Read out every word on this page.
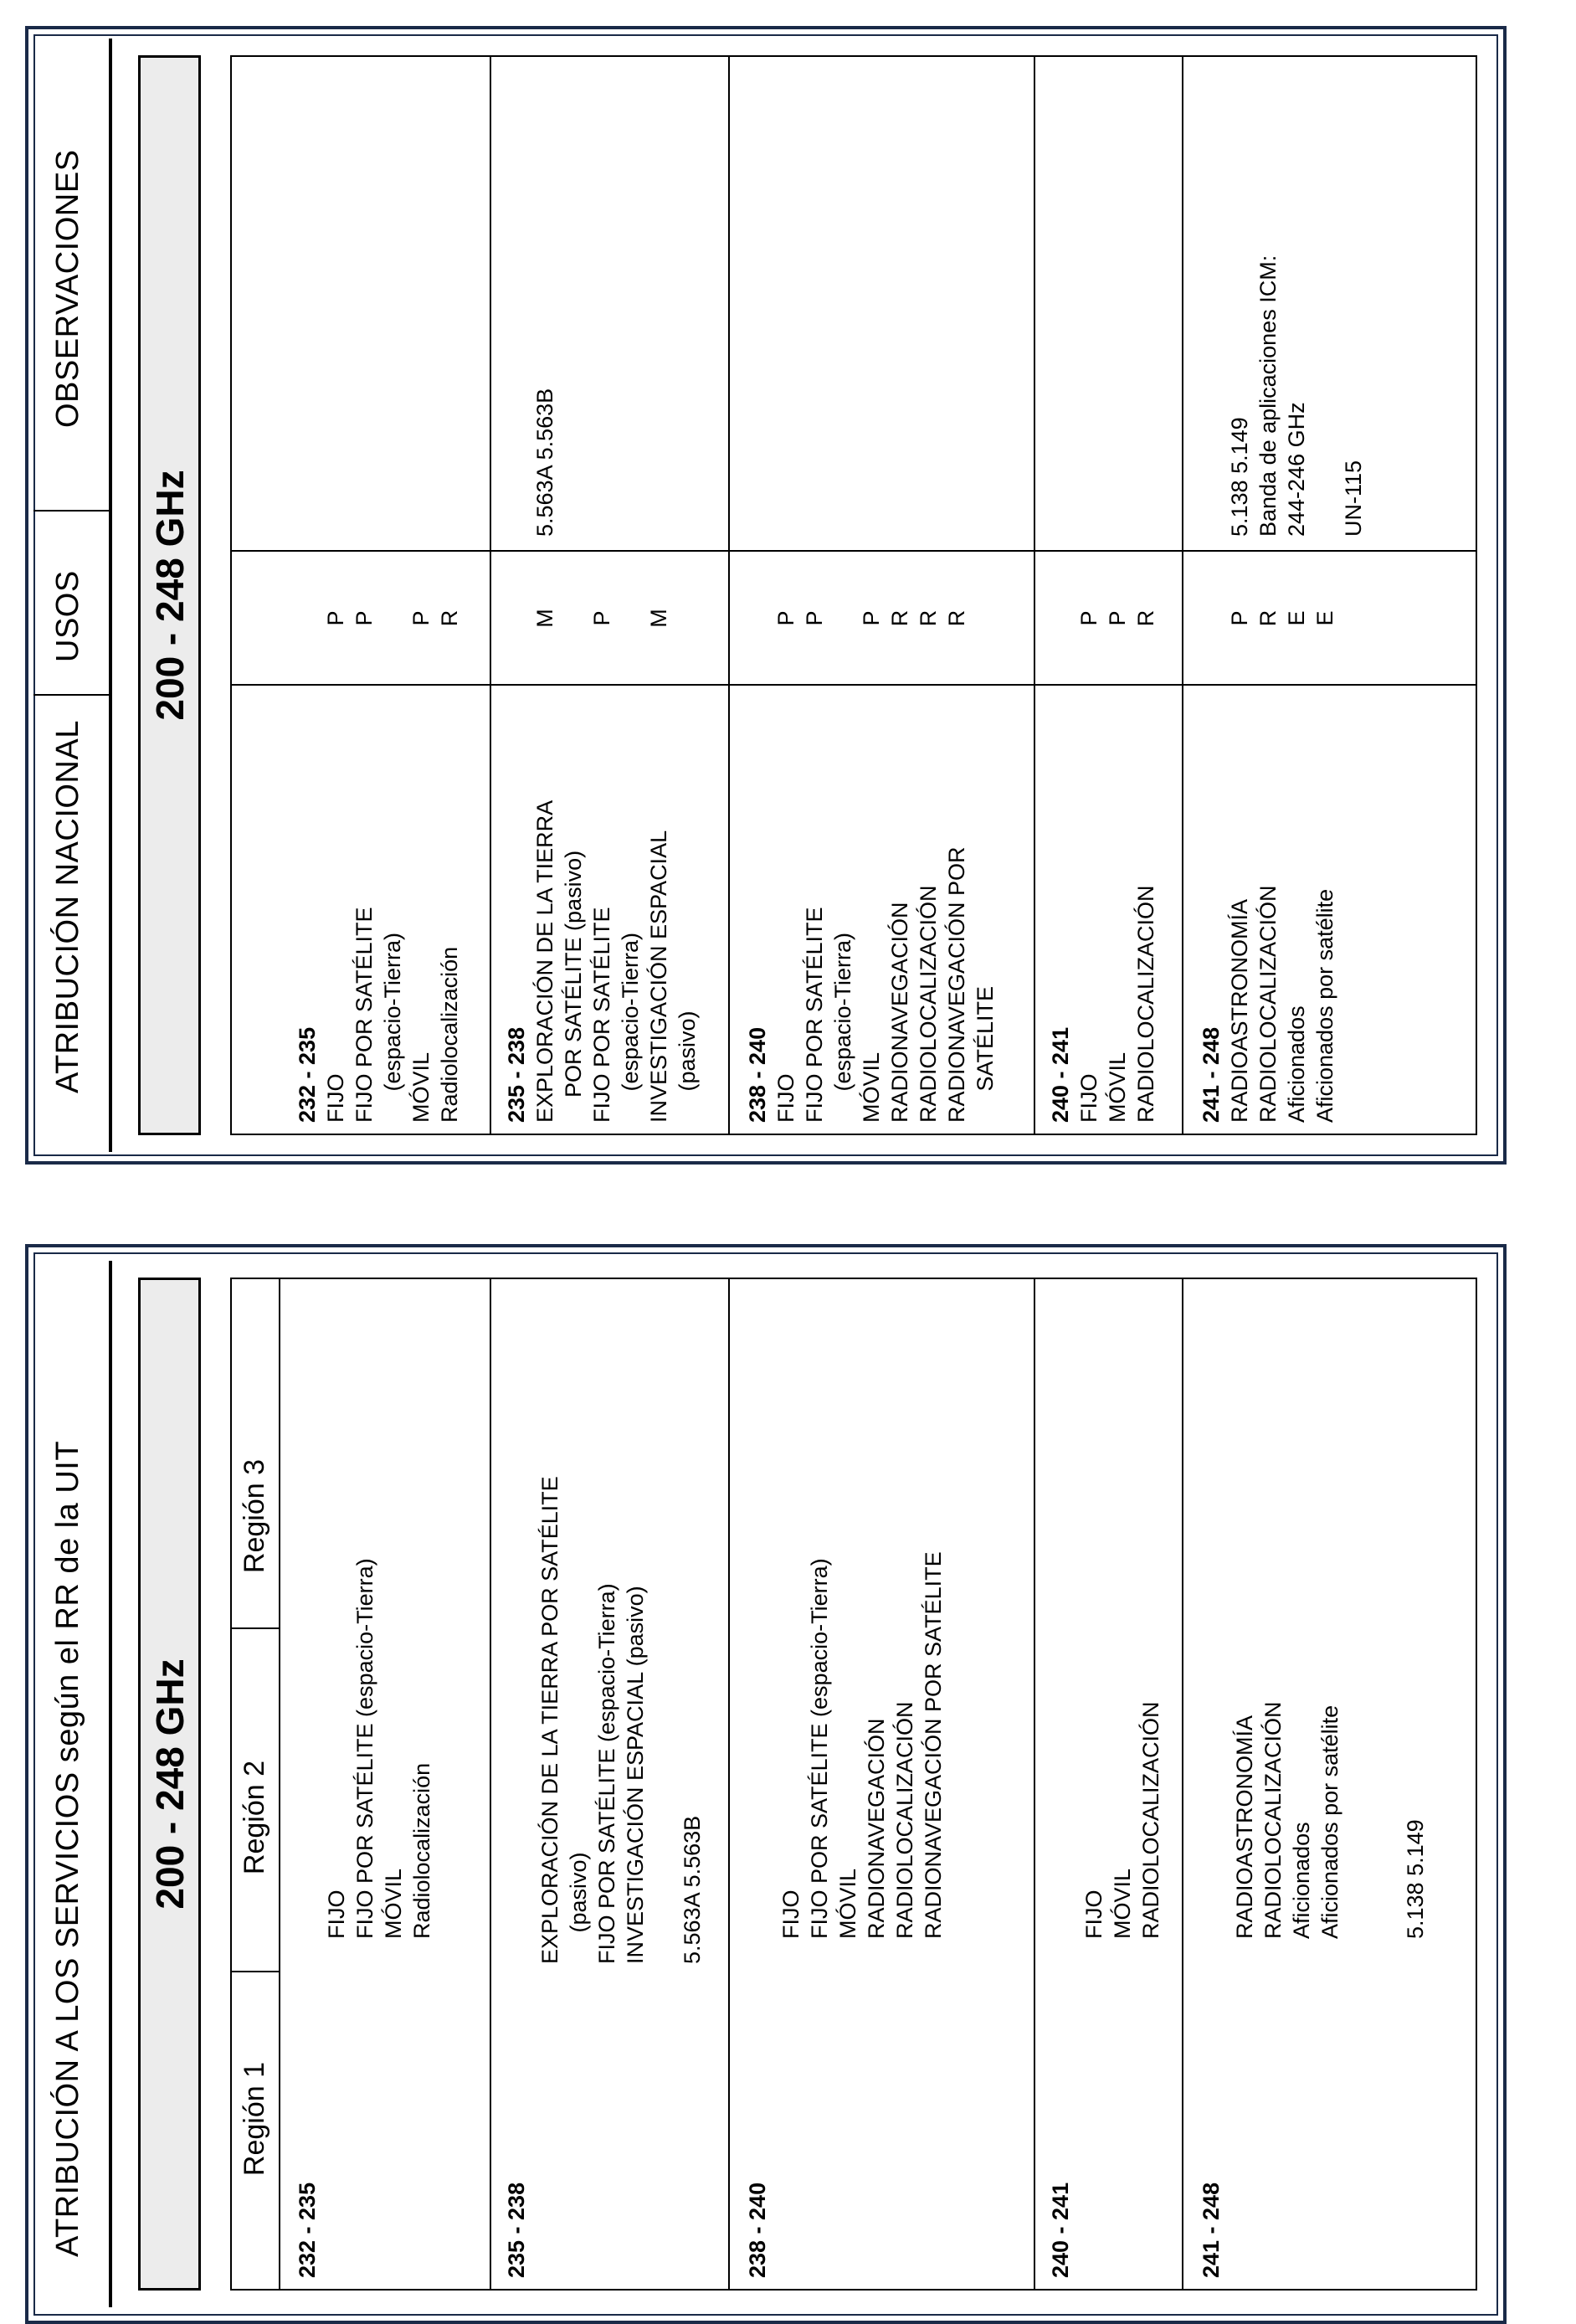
ATRIBUCIÓN A LOS SERVICIOS según el RR de la UIT 200 - 248 GHz
Región 1
Región 2
Región 3
232 - 235
FIJO
FIJO POR SATÉLITE (espacio-Tierra)
MÓVIL
Radiolocalización
235 - 238
EXPLORACIÓN DE LA TIERRA POR SATÉLITE
(pasivo)
FIJO POR SATÉLITE (espacio-Tierra)
INVESTIGACIÓN ESPACIAL (pasivo)

5.563A 5.563B
238 - 240
FIJO
FIJO POR SATÉLITE (espacio-Tierra)
MÓVIL
RADIONAVEGACIÓN
RADIOLOCALIZACIÓN
RADIONAVEGACIÓN POR SATÉLITE
240 - 241
FIJO
MÓVIL
RADIOLOCALIZACIÓN
241 - 248
RADIOASTRONOMÍA
RADIOLOCALIZACIÓN
Aficionados
Aficionados por satélite

5.138 5.149
ATRIBUCIÓN NACIONAL
USOS
OBSERVACIONES
200 - 248 GHz
232 - 235 FIJO
FIJO POR SATÉLITE
(espacio-Tierra)
MÓVIL
Radiolocalización

P
P

P
R
235 - 238 EXPLORACIÓN DE LA TIERRA
POR SATÉLITE (pasivo)
FIJO POR SATÉLITE
(espacio-Tierra)
INVESTIGACIÓN ESPACIAL
(pasivo)

M

P

M

5.563A 5.563B
238 - 240 FIJO
FIJO POR SATÉLITE
(espacio-Tierra)
MÓVIL
RADIONAVEGACIÓN
RADIOLOCALIZACIÓN
RADIONAVEGACIÓN POR
SATÉLITE

P
P

P
R
R
R
240 - 241 FIJO
MÓVIL
RADIOLOCALIZACIÓN

P
P
R
241 - 248 RADIOASTRONOMÍA
RADIOLOCALIZACIÓN
Aficionados
Aficionados por satélite

P
R
E
E

5.138 5.149
Banda de aplicaciones ICM:
244-246 GHz

UN-115
